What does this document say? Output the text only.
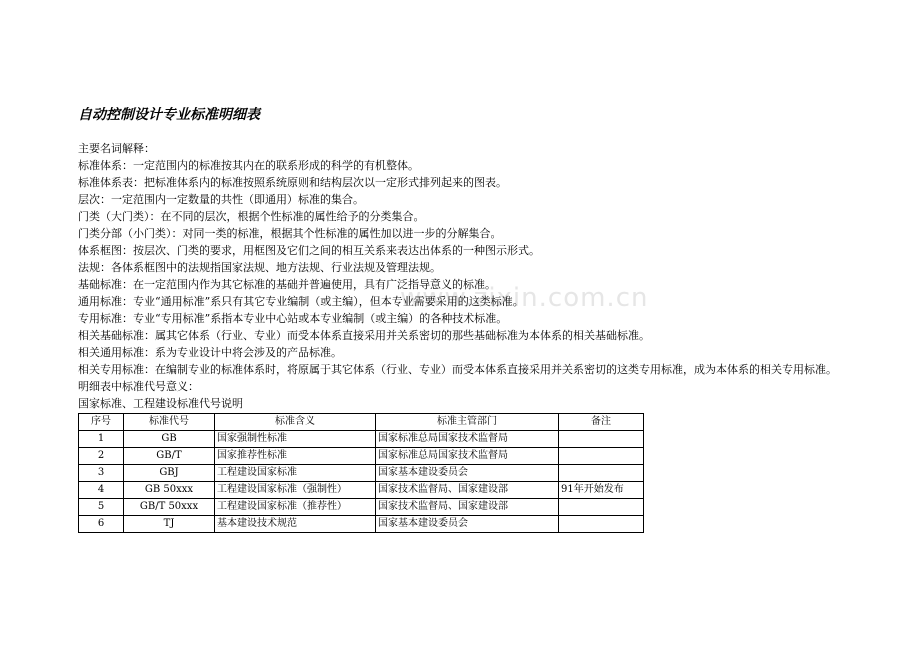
www.zixin.com.cn
自动控制设计专业标准明细表

主要名词解释：

标准体系：一定范围内的标准按其内在的联系形成的科学的有机整体。

标准体系表：把标准体系内的标准按照系统原则和结构层次以一定形式排列起来的图表。

层次：一定范围内一定数量的共性（即通用）标准的集合。

门类（大门类）：在不同的层次，根据个性标准的属性给予的分类集合。

门类分部（小门类）：对同一类的标准，根据其个性标准的属性加以进一步的分解集合。

体系框图：按层次、门类的要求，用框图及它们之间的相互关系来表达出体系的一种图示形式。

法规：各体系框图中的法规指国家法规、地方法规、行业法规及管理法规。

基础标准：在一定范围内作为其它标准的基础并普遍使用，具有广泛指导意义的标准。

通用标准：专业“通用标准”系只有其它专业编制（或主编），但本专业需要采用的这类标准。

专用标准：专业“专用标准”系指本专业中心站或本专业编制（或主编）的各种技术标准。

相关基础标准：属其它体系（行业、专业）而受本体系直接采用并关系密切的那些基础标准为本体系的相关基础标准。

相关通用标准：系为专业设计中将会涉及的产品标准。

相关专用标准：在编制专业的标准体系时，将原属于其它体系（行业、专业）而受本体系直接采用并关系密切的这类专用标准，成为本体系的相关专用标准。

明细表中标准代号意义：

国家标准、工程建设标准代号说明

序号	标准代号	标准含义	标准主管部门	备注
1	GB	国家强制性标准	国家标准总局国家技术监督局	
2	GB/T	国家推荐性标准	国家标准总局国家技术监督局	
3	GBJ	工程建设国家标准	国家基本建设委员会	
4	GB 50xxx	工程建设国家标准（强制性）	国家技术监督局、国家建设部	91年开始发布
5	GB/T 50xxx	工程建设国家标准（推荐性）	国家技术监督局、国家建设部	
6	TJ	基本建设技术规范	国家基本建设委员会	
